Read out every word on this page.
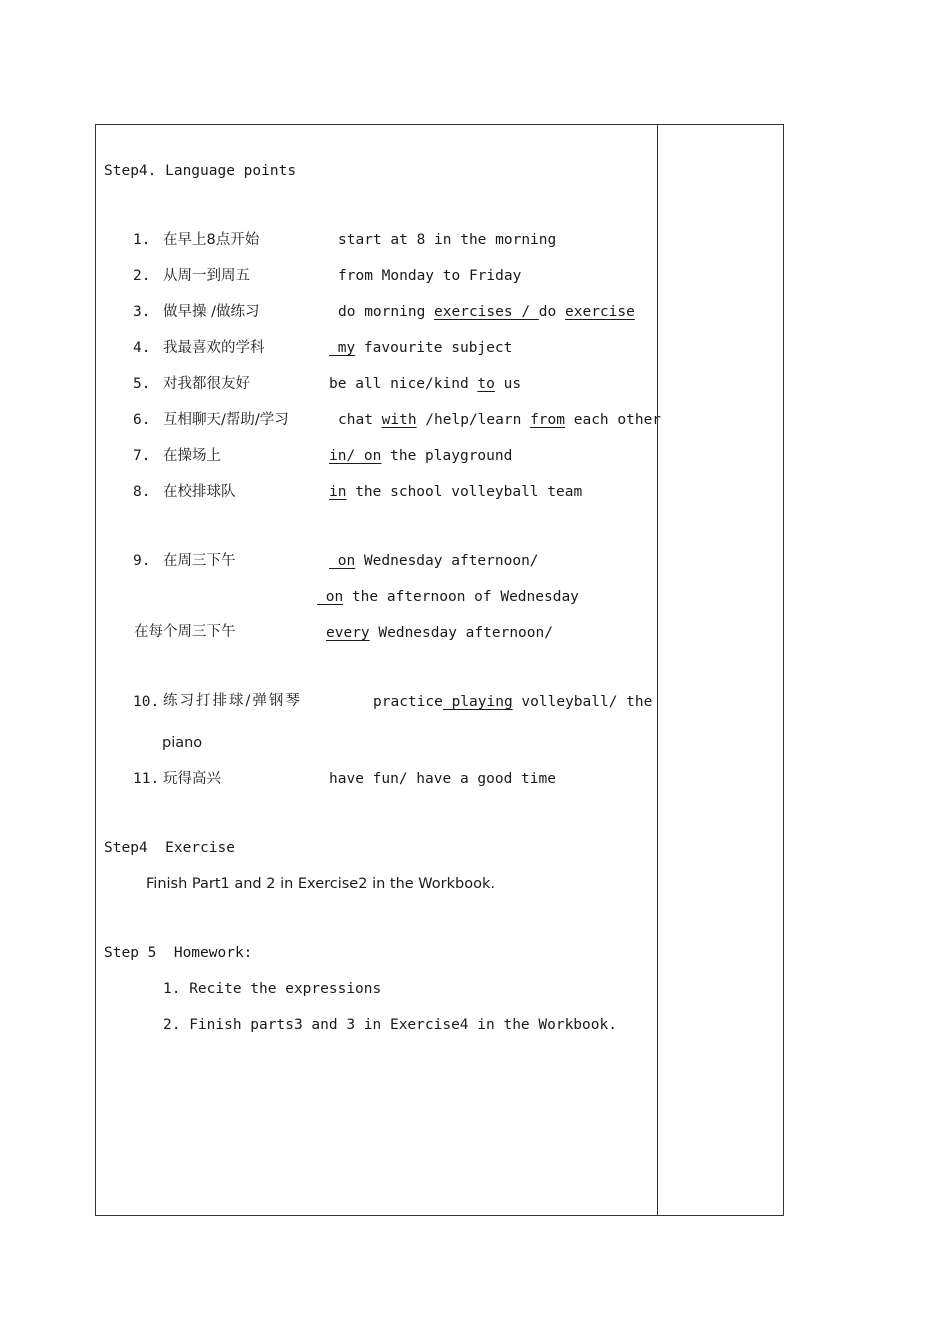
Step4. Language points
1. 在早上8点开始	start at 8 in the morning
2. 从周一到周五	from Monday to Friday
3. 做早操 /做练习	do morning exercises / do exercise
4. 我最喜欢的学科	my favourite subject
5. 对我都很友好	be all nice/kind to us
6. 互相聊天/帮助/学习	chat with /help/learn from each other
7. 在操场上	in/ on the playground
8. 在校排球队	in the school volleyball team
9. 在周三下午	on Wednesday afternoon/
on the afternoon of Wednesday
在每个周三下午	every Wednesday afternoon/
10. 练习打排球/弹钢琴	practice playing volleyball/ the
piano
11. 玩得高兴	have fun/ have a good time
Step4  Exercise
Finish Part1 and 2 in Exercise2 in the Workbook.
Step 5  Homework:
1. Recite the expressions
2. Finish parts3 and 3 in Exercise4 in the Workbook.
